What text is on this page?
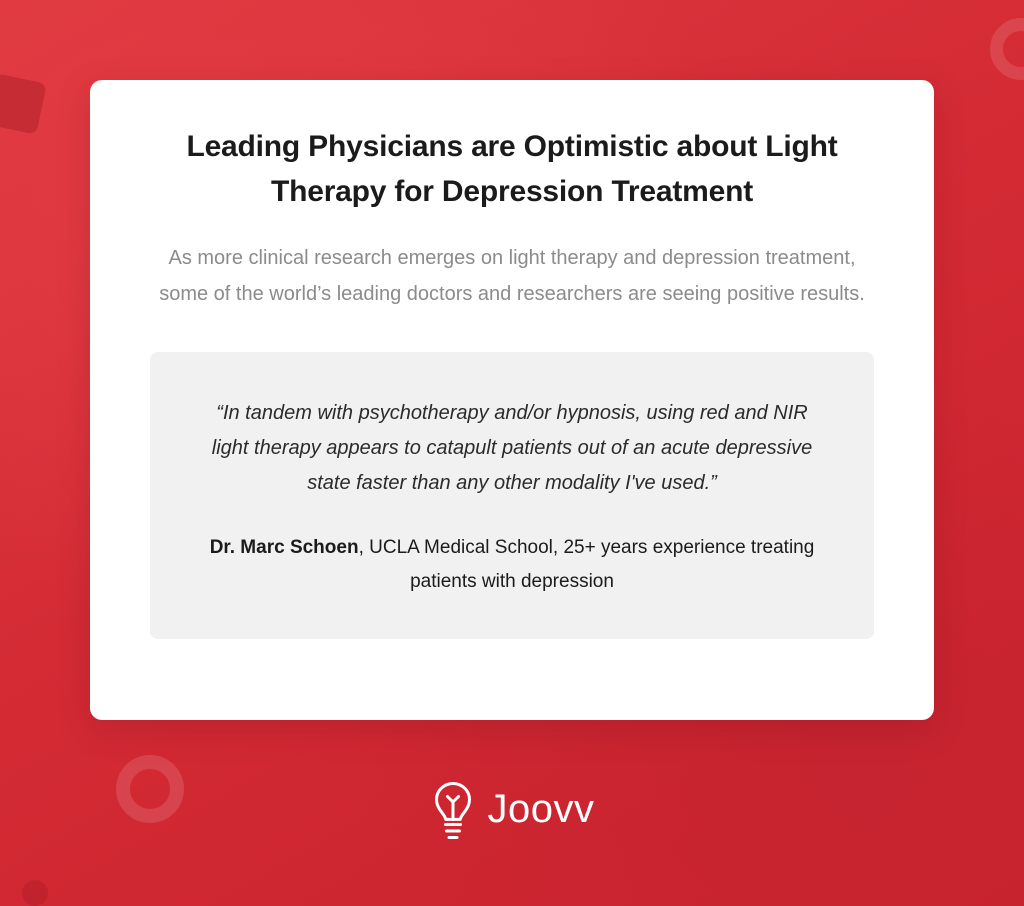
Leading Physicians are Optimistic about Light Therapy for Depression Treatment

As more clinical research emerges on light therapy and depression treatment, some of the world’s leading doctors and researchers are seeing positive results.

“In tandem with psychotherapy and/or hypnosis, using red and NIR light therapy appears to catapult patients out of an acute depressive state faster than any other modality I've used.”

Dr. Marc Schoen, UCLA Medical School, 25+ years experience treating patients with depression

Joovv
